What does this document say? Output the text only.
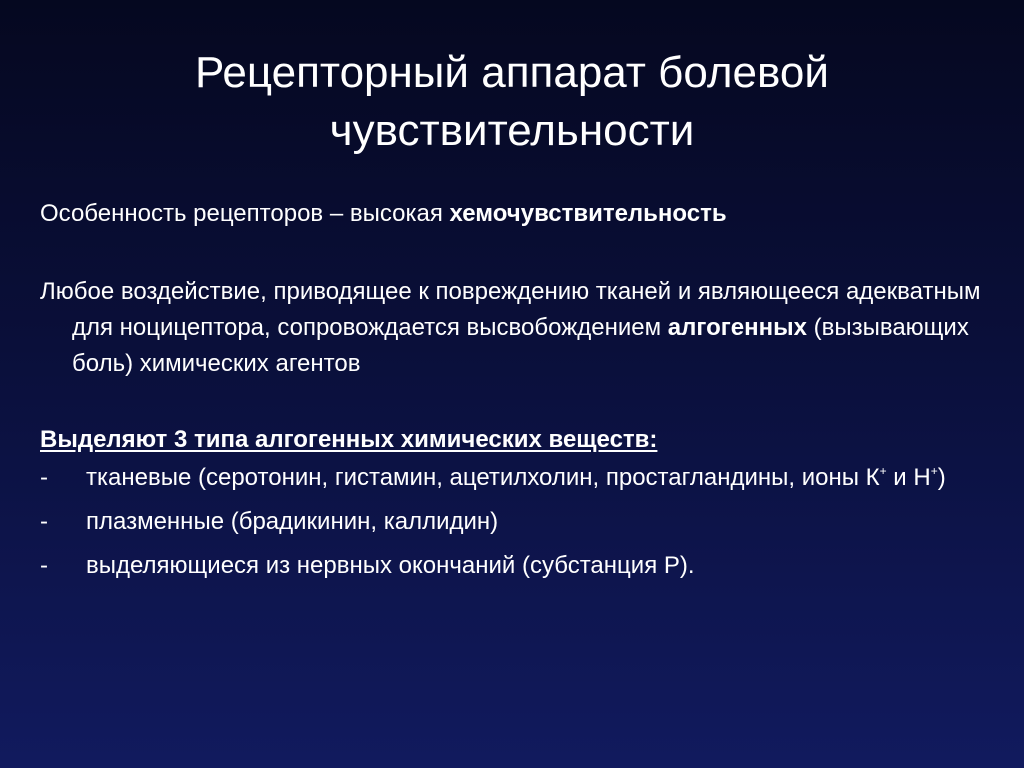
Рецепторный аппарат болевой
чувствительности

Особенность рецепторов – высокая хемочувствительность

Любое воздействие, приводящее к повреждению тканей и являющееся адекватным для ноцицептора, сопровождается высвобождением алгогенных (вызывающих боль) химических агентов

Выделяют 3 типа алгогенных химических веществ:

-	тканевые (серотонин, гистамин, ацетилхолин, простагландины, ионы К+ и Н+)
-	плазменные (брадикинин, каллидин)
-	выделяющиеся из нервных окончаний (субстанция Р).
